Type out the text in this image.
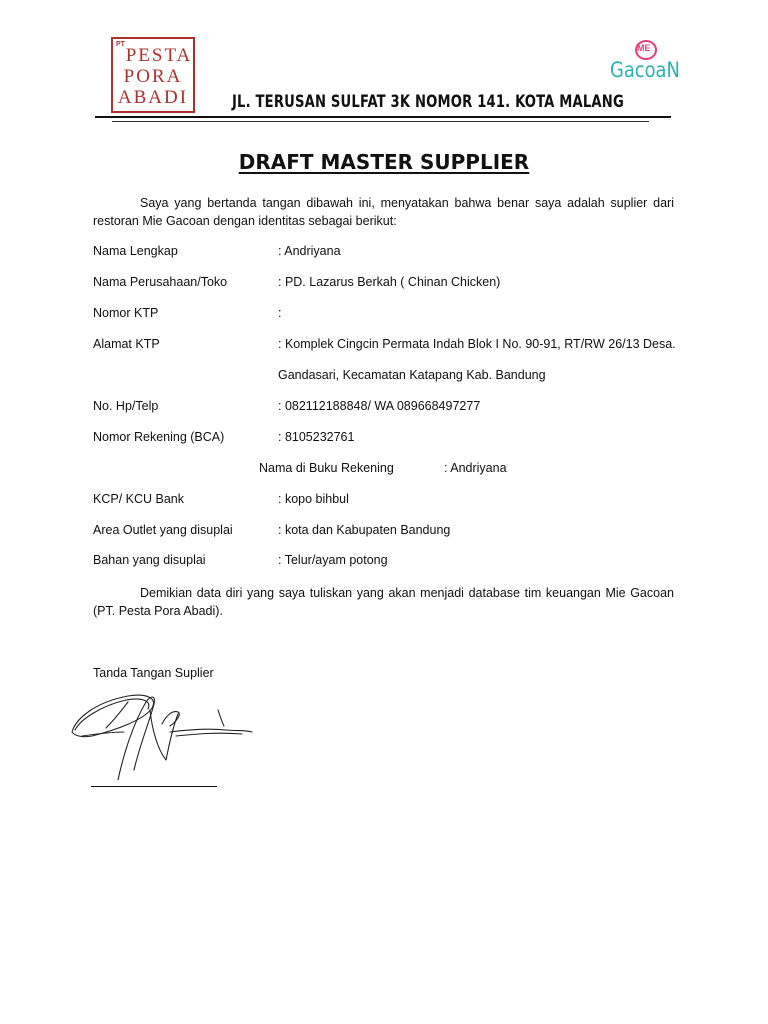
PT
PESTA
PORA
ABADI
ME
GacoaN
JL. TERUSAN SULFAT 3K NOMOR 141. KOTA MALANG
DRAFT MASTER SUPPLIER
Saya yang bertanda tangan dibawah ini, menyatakan bahwa benar saya adalah suplier dari restoran Mie Gacoan dengan identitas sebagai berikut:
Nama Lengkap	: Andriyana
Nama Perusahaan/Toko	: PD. Lazarus Berkah ( Chinan Chicken)
Nomor KTP	:
Alamat KTP	: Komplek Cingcin Permata Indah Blok I No. 90-91, RT/RW 26/13 Desa.
Gandasari, Kecamatan Katapang Kab. Bandung
No. Hp/Telp	: 082112188848/ WA 089668497277
Nomor Rekening (BCA)	: 8105232761
Nama di Buku Rekening	: Andriyana
KCP/ KCU Bank	: kopo bihbul
Area Outlet yang disuplai	: kota dan Kabupaten Bandung
Bahan yang disuplai	: Telur/ayam potong
Demikian data diri yang saya tuliskan yang akan menjadi database tim keuangan Mie Gacoan (PT. Pesta Pora Abadi).
Tanda Tangan Suplier
